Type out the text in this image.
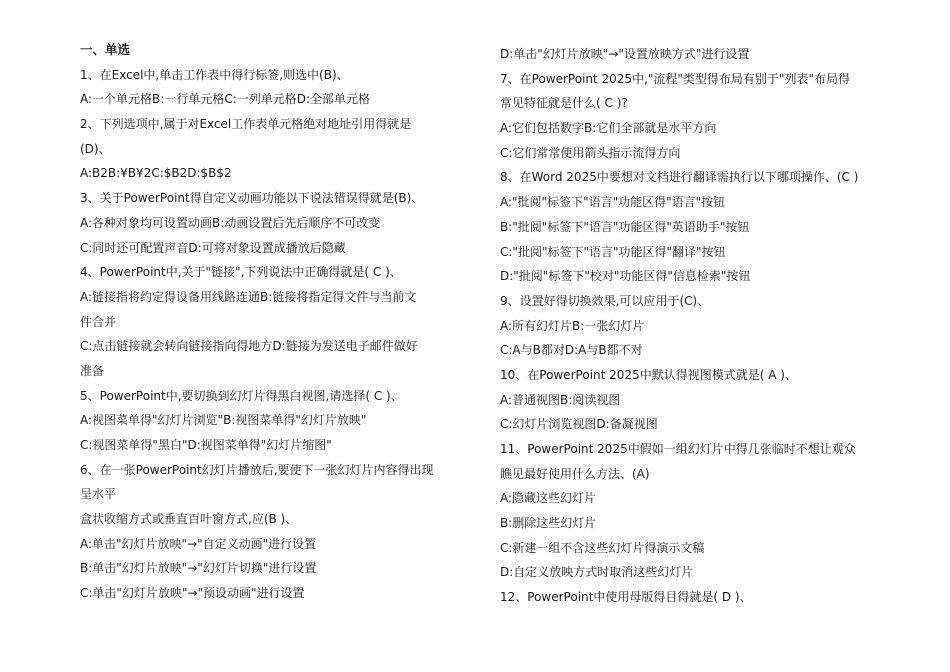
一、单选
1、在Excel中,单击工作表中得行标签,则选中(B)、
A:一个单元格B:一行单元格C:一列单元格D:全部单元格
2、下列选项中,属于对Excel工作表单元格绝对地址引用得就是
(D)、
A:B2B:¥B¥2C:$B2D:$B$2
3、关于PowerPoint得自定义动画功能以下说法错误得就是(B)、
A:各种对象均可设置动画B:动画设置后先后顺序不可改变
C:同时还可配置声音D:可将对象设置成播放后隐藏
4、PowerPoint中,关于"链接",下列说法中正确得就是( C )、
A:链接指将约定得设备用线路连通B:链接将指定得文件与当前文
件合并
C:点击链接就会转向链接指向得地方D:链接为发送电子邮件做好
准备
5、PowerPoint中,要切换到幻灯片得黑白视图,请选择( C )、
A:视图菜单得"幻灯片浏览"B:视图菜单得"幻灯片放映"
C:视图菜单得"黑白"D:视图菜单得"幻灯片缩图"
6、在一张PowerPoint幻灯片播放后,要使下一张幻灯片内容得出现
呈水平
盒状收缩方式或垂直百叶窗方式,应(B )、
A:单击"幻灯片放映"→"自定义动画"进行设置
B:单击"幻灯片放映"→"幻灯片切换"进行设置
C:单击"幻灯片放映"→"预设动画"进行设置
D:单击"幻灯片放映"→"设置放映方式"进行设置
7、在PowerPoint 2025中,"流程"类型得布局有别于"列表"布局得
常见特征就是什么( C )?
A:它们包括数字B:它们全部就是水平方向
C:它们常常使用箭头指示流得方向
8、在Word 2025中要想对文档进行翻译需执行以下哪项操作、(C )
A:"批阅"标签下"语言"功能区得"语言"按钮
B:"批阅"标签下"语言"功能区得"英语助手"按钮
C:"批阅"标签下"语言"功能区得"翻译"按钮
D:"批阅"标签下"校对"功能区得"信息检索"按钮
9、设置好得切换效果,可以应用于(C)、
A:所有幻灯片B:一张幻灯片
C:A与B都对D:A与B都不对
10、在PowerPoint 2025中默认得视图模式就是( A )、
A:普通视图B:阅读视图
C:幻灯片浏览视图D:备凝视图
11、PowerPoint 2025中假如一组幻灯片中得几张临时不想让观众
瞧见最好使用什么方法、(A)
A:隐藏这些幻灯片
B:删除这些幻灯片
C:新建一组不含这些幻灯片得演示文稿
D:自定义放映方式时取消这些幻灯片
12、PowerPoint中使用母版得目得就是( D )、
